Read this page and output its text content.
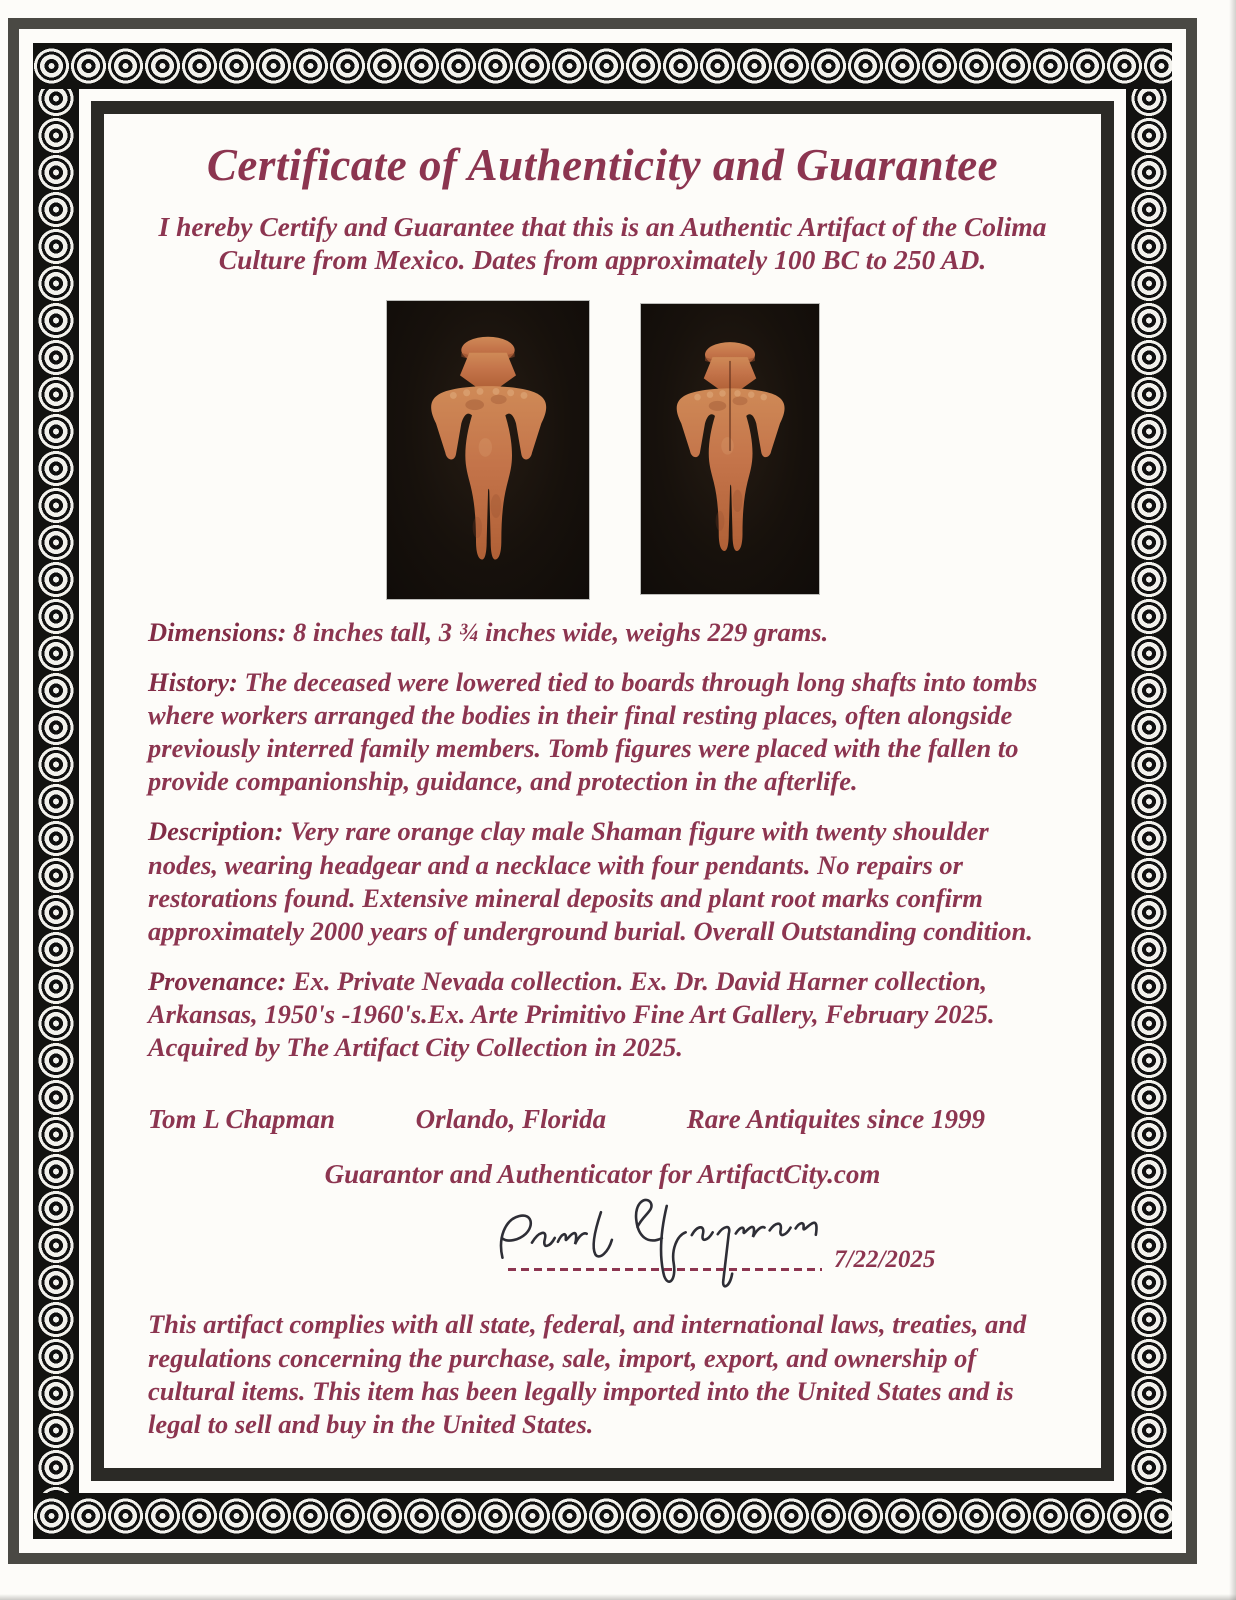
Certificate of Authenticity and Guarantee

I hereby Certify and Guarantee that this is an Authentic Artifact of the Colima Culture from Mexico. Dates from approximately 100 BC to 250 AD.

Dimensions: 8 inches tall, 3 ¾ inches wide, weighs 229 grams.

History: The deceased were lowered tied to boards through long shafts into tombs where workers arranged the bodies in their final resting places, often alongside previously interred family members. Tomb figures were placed with the fallen to provide companionship, guidance, and protection in the afterlife.

Description: Very rare orange clay male Shaman figure with twenty shoulder nodes, wearing headgear and a necklace with four pendants. No repairs or restorations found. Extensive mineral deposits and plant root marks confirm approximately 2000 years of underground burial. Overall Outstanding condition.

Provenance: Ex. Private Nevada collection. Ex. Dr. David Harner collection, Arkansas, 1950's -1960's.Ex. Arte Primitivo Fine Art Gallery, February 2025. Acquired by The Artifact City Collection in 2025.

Tom L Chapman	Orlando, Florida	Rare Antiquites since 1999

Guarantor and Authenticator for ArtifactCity.com

7/22/2025

This artifact complies with all state, federal, and international laws, treaties, and regulations concerning the purchase, sale, import, export, and ownership of cultural items. This item has been legally imported into the United States and is legal to sell and buy in the United States.
